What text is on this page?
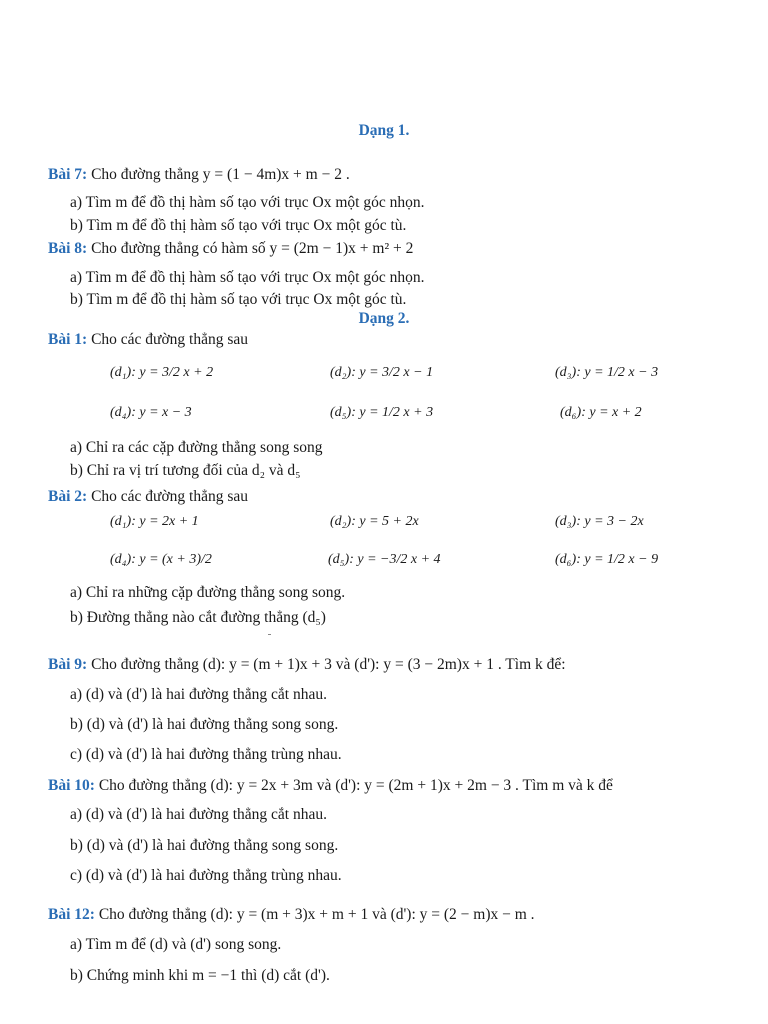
Dạng 1.
Bài 7: Cho đường thẳng y = (1 − 4m)x + m − 2 .
a) Tìm m để đồ thị hàm số tạo với trục Ox một góc nhọn.
b) Tìm m để đồ thị hàm số tạo với trục Ox một góc tù.
Bài 8: Cho đường thẳng có hàm số y = (2m − 1)x + m² + 2
a) Tìm m để đồ thị hàm số tạo với trục Ox một góc nhọn.
b) Tìm m để đồ thị hàm số tạo với trục Ox một góc tù.
Dạng 2.
Bài 1: Cho các đường thẳng sau
(d₁): y = 3/2 x + 2	(d₂): y = 3/2 x − 1	(d₃): y = 1/2 x − 3
(d₄): y = x − 3	(d₅): y = 1/2 x + 3	(d₆): y = x + 2
a) Chỉ ra các cặp đường thẳng song song
b) Chỉ ra vị trí tương đối của d₂ và d₅
Bài 2: Cho các đường thẳng sau
(d₁): y = 2x + 1	(d₂): y = 5 + 2x	(d₃): y = 3 − 2x
(d₄): y = (x + 3)/2	(d₅): y = −3/2 x + 4	(d₆): y = 1/2 x − 9
a) Chỉ ra những cặp đường thẳng song song.
b) Đường thẳng nào cắt đường thẳng (d₅)
Bài 9: Cho đường thẳng (d): y = (m + 1)x + 3 và (d'): y = (3 − 2m)x + 1 . Tìm k để:
a) (d) và (d') là hai đường thẳng cắt nhau.
b) (d) và (d') là hai đường thẳng song song.
c) (d) và (d') là hai đường thẳng trùng nhau.
Bài 10: Cho đường thẳng (d): y = 2x + 3m và (d'): y = (2m + 1)x + 2m − 3 . Tìm m và k để
a) (d) và (d') là hai đường thẳng cắt nhau.
b) (d) và (d') là hai đường thẳng song song.
c) (d) và (d') là hai đường thẳng trùng nhau.
Bài 12: Cho đường thẳng (d): y = (m + 3)x + m + 1 và (d'): y = (2 − m)x − m .
a) Tìm m để (d) và (d') song song.
b) Chứng minh khi m = −1 thì (d) cắt (d').
